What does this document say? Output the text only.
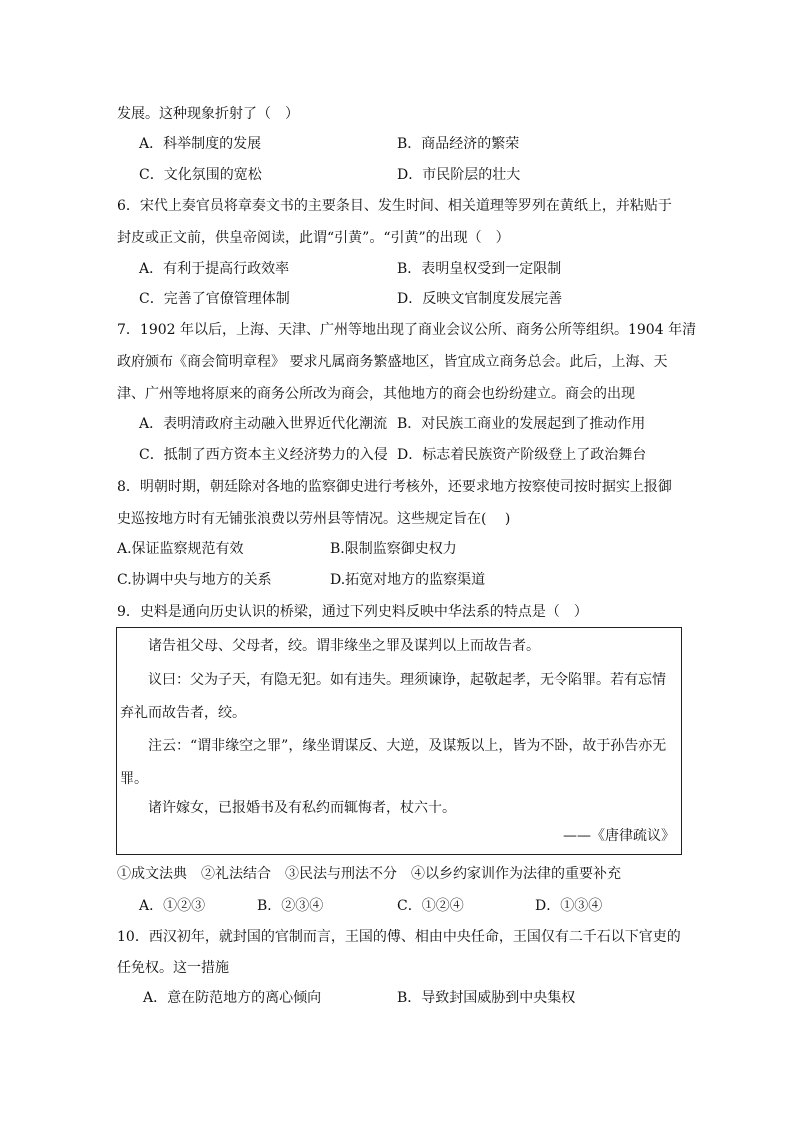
发展。这种现象折射了（　）
A．科举制度的发展	B．商品经济的繁荣
C．文化氛围的宽松	D．市民阶层的壮大
6．宋代上奏官员将章奏文书的主要条目、发生时间、相关道理等罗列在黄纸上，并粘贴于
封皮或正文前，供皇帝阅读，此谓“引黄”。“引黄”的出现（　）
A．有利于提高行政效率	B．表明皇权受到一定限制
C．完善了官僚管理体制	D．反映文官制度发展完善
7．1902 年以后，上海、天津、广州等地出现了商业会议公所、商务公所等组织。1904 年清
政府颁布《商会简明章程》 要求凡属商务繁盛地区，皆宜成立商务总会。此后，上海、天
津、广州等地将原来的商务公所改为商会，其他地方的商会也纷纷建立。商会的出现
A．表明清政府主动融入世界近代化潮流 B．对民族工商业的发展起到了推动作用
C．抵制了西方资本主义经济势力的入侵 D．标志着民族资产阶级登上了政治舞台
8．明朝时期，朝廷除对各地的监察御史进行考核外，还要求地方按察使司按时据实上报御
史巡按地方时有无铺张浪费以劳州县等情况。这些规定旨在(　 )
A.保证监察规范有效	B.限制监察御史权力
C.协调中央与地方的关系	D.拓宽对地方的监察渠道
9．史料是通向历史认识的桥梁，通过下列史料反映中华法系的特点是（　）
诸告祖父母、父母者，绞。谓非缘坐之罪及谋判以上而故告者。
议曰：父为子天，有隐无犯。如有违失。理须谏诤，起敬起孝，无令陷罪。若有忘情
弃礼而故告者，绞。
注云：“谓非缘空之罪”，缘坐谓谋反、大逆，及谋叛以上，皆为不卧，故于孙告亦无
罪。
诸许嫁女，已报婚书及有私约而辄悔者，杖六十。
——《唐律疏议》
①成文法典　②礼法结合　③民法与刑法不分　④以乡约家训作为法律的重要补充
A．①②③	B．②③④	C．①②④	D．①③④
10．西汉初年，就封国的官制而言，王国的傅、相由中央任命，王国仅有二千石以下官吏的
任免权。这一措施
A．意在防范地方的离心倾向	B．导致封国威胁到中央集权
